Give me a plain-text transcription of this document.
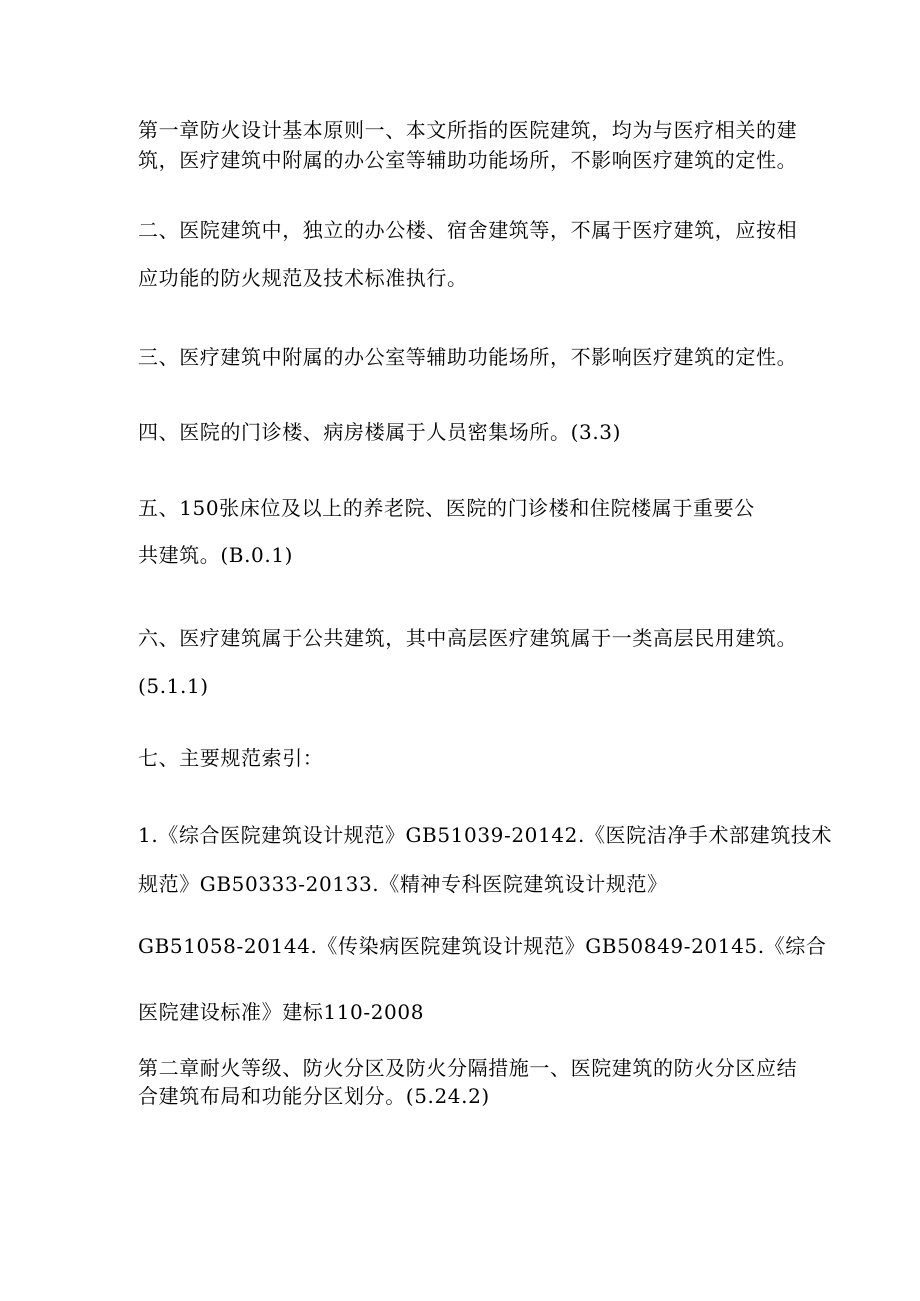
第一章防火设计基本原则一、本文所指的医院建筑，均为与医疗相关的建
筑，医疗建筑中附属的办公室等辅助功能场所，不影响医疗建筑的定性。
二、医院建筑中，独立的办公楼、宿舍建筑等，不属于医疗建筑，应按相
应功能的防火规范及技术标准执行。
三、医疗建筑中附属的办公室等辅助功能场所，不影响医疗建筑的定性。
四、医院的门诊楼、病房楼属于人员密集场所。(3.3)
五、150张床位及以上的养老院、医院的门诊楼和住院楼属于重要公
共建筑。(B.0.1)
六、医疗建筑属于公共建筑，其中高层医疗建筑属于一类高层民用建筑。
(5.1.1)
七、主要规范索引：
1.《综合医院建筑设计规范》GB51039-20142.《医院洁净手术部建筑技术
规范》GB50333-20133.《精神专科医院建筑设计规范》
GB51058-20144.《传染病医院建筑设计规范》GB50849-20145.《综合
医院建设标准》建标110-2008
第二章耐火等级、防火分区及防火分隔措施一、医院建筑的防火分区应结
合建筑布局和功能分区划分。(5.24.2)
